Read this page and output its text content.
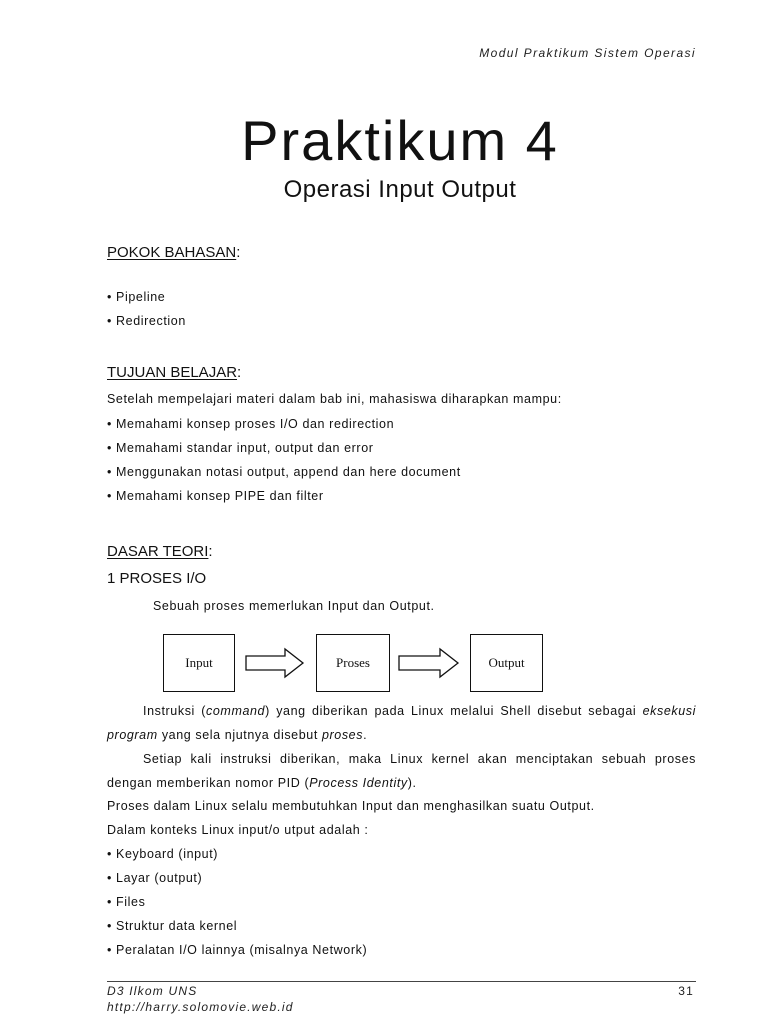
Modul Praktikum Sistem Operasi
Praktikum 4
Operasi Input Output
POKOK BAHASAN:
• Pipeline
• Redirection
TUJUAN BELAJAR:
Setelah mempelajari materi dalam bab ini, mahasiswa diharapkan mampu:
• Memahami konsep proses I/O dan redirection
• Memahami standar input, output dan error
• Menggunakan notasi output, append dan here document
• Memahami konsep PIPE dan filter
DASAR TEORI:
1 PROSES I/O
Sebuah proses memerlukan Input dan Output.
Input	Proses	Output
Instruksi (command) yang diberikan pada Linux melalui Shell disebut sebagai eksekusi program yang sela njutnya disebut proses.
Setiap kali instruksi diberikan, maka Linux kernel akan menciptakan sebuah proses dengan memberikan nomor PID (Process Identity).
Proses dalam Linux selalu membutuhkan Input dan menghasilkan suatu Output.
Dalam konteks Linux input/o utput adalah :
• Keyboard (input)
• Layar (output)
• Files
• Struktur data kernel
• Peralatan I/O lainnya (misalnya Network)
D3 Ilkom UNS
http://harry.solomovie.web.id
31
